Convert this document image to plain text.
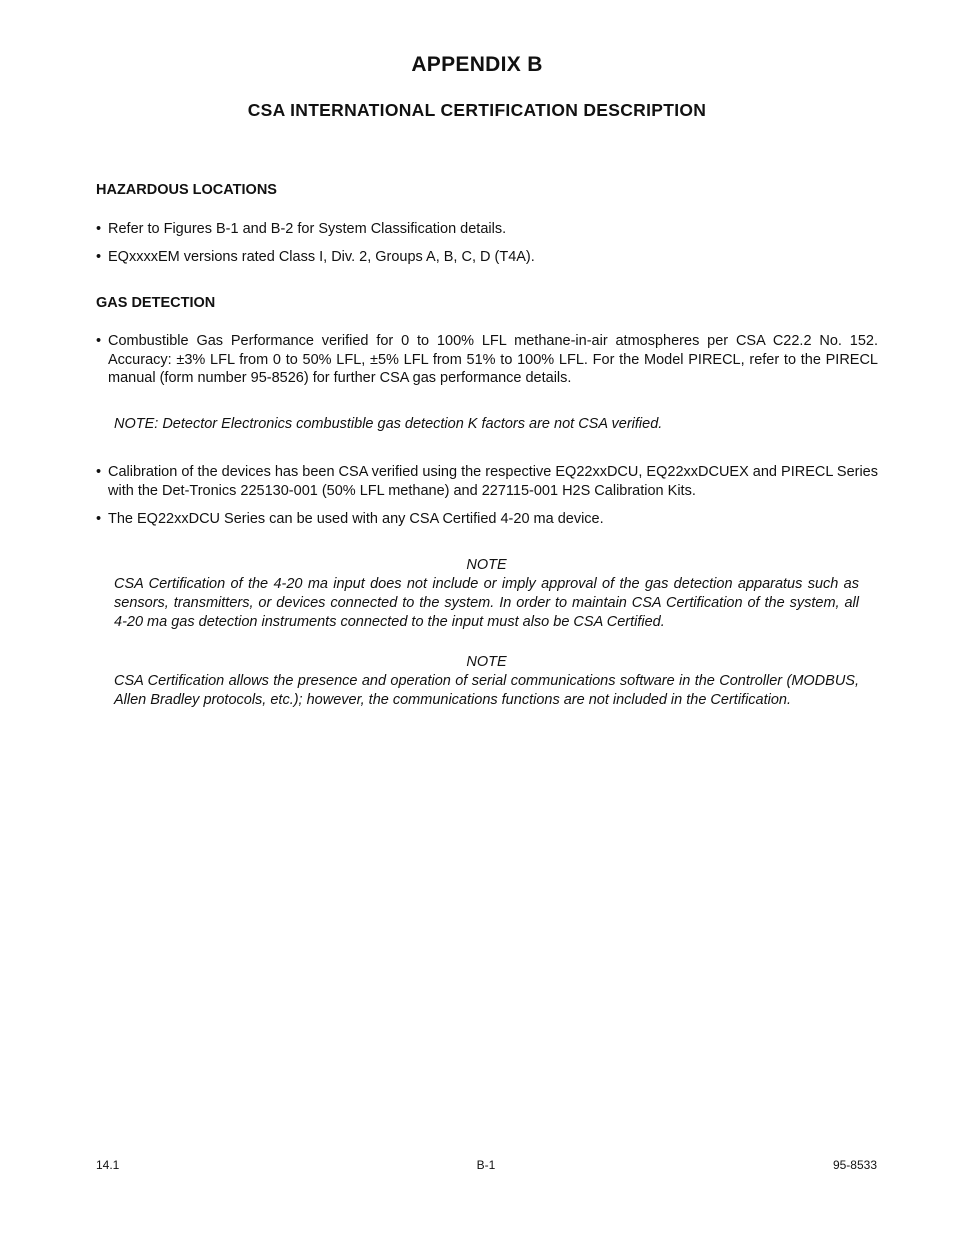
APPENDIX B
CSA INTERNATIONAL CERTIFICATION DESCRIPTION
HAZARDOUS LOCATIONS

• Refer to Figures B-1 and B-2 for System Classification details.

• EQxxxxEM versions rated Class I, Div. 2, Groups A, B, C, D (T4A).

GAS DETECTION

• Combustible Gas Performance verified for 0 to 100% LFL methane-in-air atmospheres per CSA C22.2 No. 152. Accuracy: ±3% LFL from 0 to 50% LFL, ±5% LFL from 51% to 100% LFL. For the Model PIRECL, refer to the PIRECL manual (form number 95-8526) for further CSA gas performance details.

NOTE: Detector Electronics combustible gas detection K factors are not CSA verified.

• Calibration of the devices has been CSA verified using the respective EQ22xxDCU, EQ22xxDCUEX and PIRECL Series with the Det-Tronics 225130-001 (50% LFL methane) and 227115-001 H2S Calibration Kits.

• The EQ22xxDCU Series can be used with any CSA Certified 4-20 ma device.

NOTE
CSA Certification of the 4-20 ma input does not include or imply approval of the gas detection apparatus such as sensors, transmitters, or devices connected to the system. In order to maintain CSA Certification of the system, all 4-20 ma gas detection instruments connected to the input must also be CSA Certified.
NOTE
CSA Certification allows the presence and operation of serial communications software in the Controller (MODBUS, Allen Bradley protocols, etc.); however, the communications functions are not included in the Certification.

14.1	B-1	95-8533
